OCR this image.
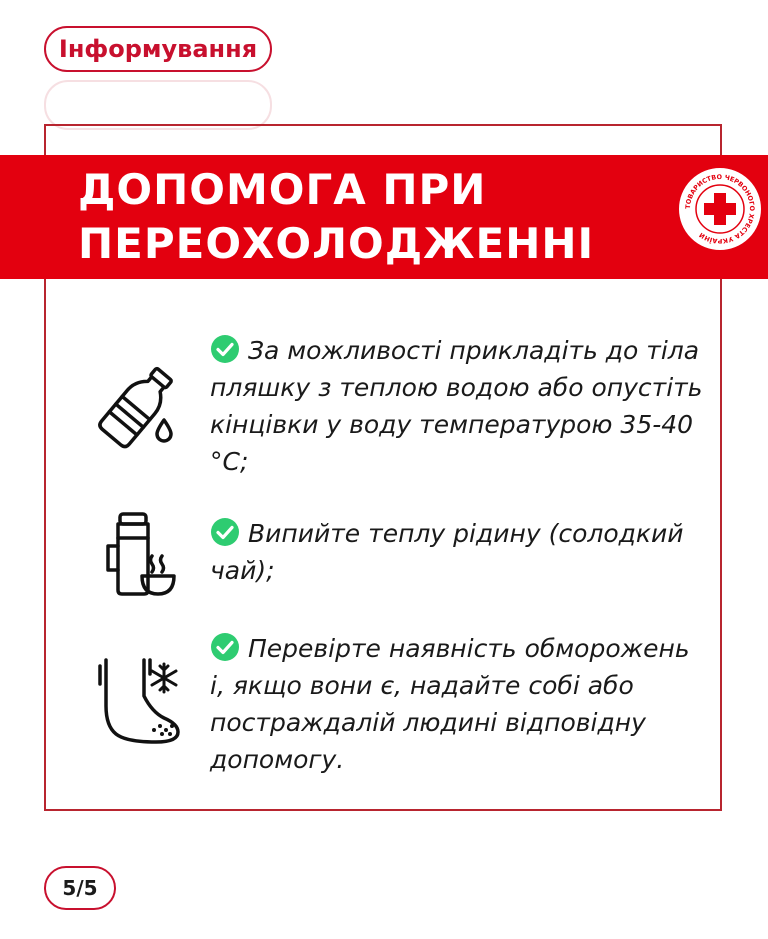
Інформування
ДОПОМОГА ПРИ
ПЕРЕОХОЛОДЖЕННІ
ТОВАРИСТВО ЧЕРВОНОГО ХРЕСТА УКРАЇНИ

За можливості прикладіть до тіла пляшку з теплою водою або опустіть кінцівки у воду температурою 35-40 °С;

Випийте теплу рідину (солодкий чай);

Перевірте наявність обморожень і, якщо вони є, надайте собі або постраждалій людині відповідну допомогу.

5/5
